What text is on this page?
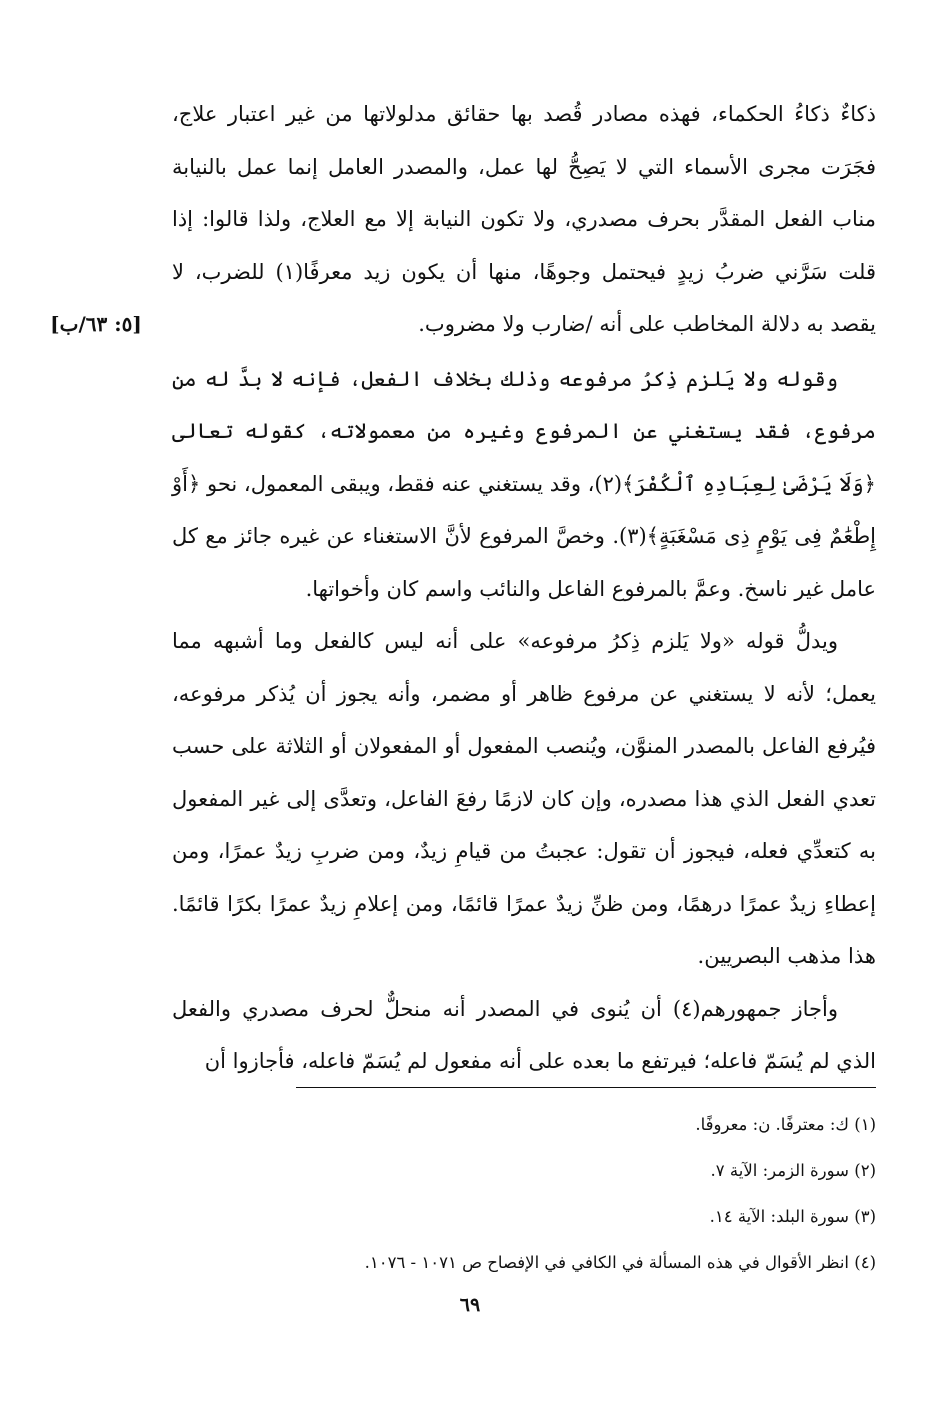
[٥: ٦٣/ب]

ذكاءٌ ذكاءُ الحكماء، فهذه مصادر قُصد بها حقائق مدلولاتها من غير اعتبار علاج، فجَرَت مجرى الأسماء التي لا يَصِحُّ لها عمل، والمصدر العامل إنما عمل بالنيابة مناب الفعل المقدَّر بحرف مصدري، ولا تكون النيابة إلا مع العلاج، ولذا قالوا: إذا قلت سَرَّني ضربُ زيدٍ فيحتمل وجوهًا، منها أن يكون زيد معرفًا(١) للضرب، لا يقصد به دلالة المخاطب على أنه /ضارب ولا مضروب.

وقوله ولا يَلزم ذِكرُ مرفوعه وذلك بخلاف الفعل، فإنه لا بدَّ له من مرفوع، فقد يستغني عن المرفوع وغيره من معمولاته، كقوله تعالى ﴿وَلَا يَرْضَىٰ لِعِبَادِهِ ٱلْكُفْرَ﴾(٢)، وقد يستغني عنه فقط، ويبقى المعمول، نحو ﴿أَوْ إِطْعَٰمٌ فِى يَوْمٍ ذِى مَسْغَبَةٍ﴾(٣). وخصَّ المرفوع لأنَّ الاستغناء عن غيره جائز مع كل عامل غير ناسخ. وعمَّ بالمرفوع الفاعل والنائب واسم كان وأخواتها.

ويدلُّ قوله «ولا يَلزم ذِكرُ مرفوعه» على أنه ليس كالفعل وما أشبهه مما يعمل؛ لأنه لا يستغني عن مرفوع ظاهر أو مضمر، وأنه يجوز أن يُذكر مرفوعه، فيُرفع الفاعل بالمصدر المنوَّن، ويُنصب المفعول أو المفعولان أو الثلاثة على حسب تعدي الفعل الذي هذا مصدره، وإن كان لازمًا رفعَ الفاعل، وتعدَّى إلى غير المفعول به كتعدِّي فعله، فيجوز أن تقول: عجبتُ من قيامِ زيدٌ، ومن ضربِ زيدٌ عمرًا، ومن إعطاءِ زيدٌ عمرًا درهمًا، ومن ظنِّ زيدٌ عمرًا قائمًا، ومن إعلامِ زيدٌ عمرًا بكرًا قائمًا. هذا مذهب البصريين.

وأجاز جمهورهم(٤) أن يُنوى في المصدر أنه منحلٌّ لحرف مصدري والفعل الذي لم يُسَمّ فاعله؛ فيرتفع ما بعده على أنه مفعول لم يُسَمّ فاعله، فأجازوا أن

(١) ك: معترفًا. ن: معروفًا.
(٢) سورة الزمر: الآية ٧.
(٣) سورة البلد: الآية ١٤.
(٤) انظر الأقوال في هذه المسألة في الكافي في الإفصاح ص ١٠٧١ - ١٠٧٦.
٦٩
